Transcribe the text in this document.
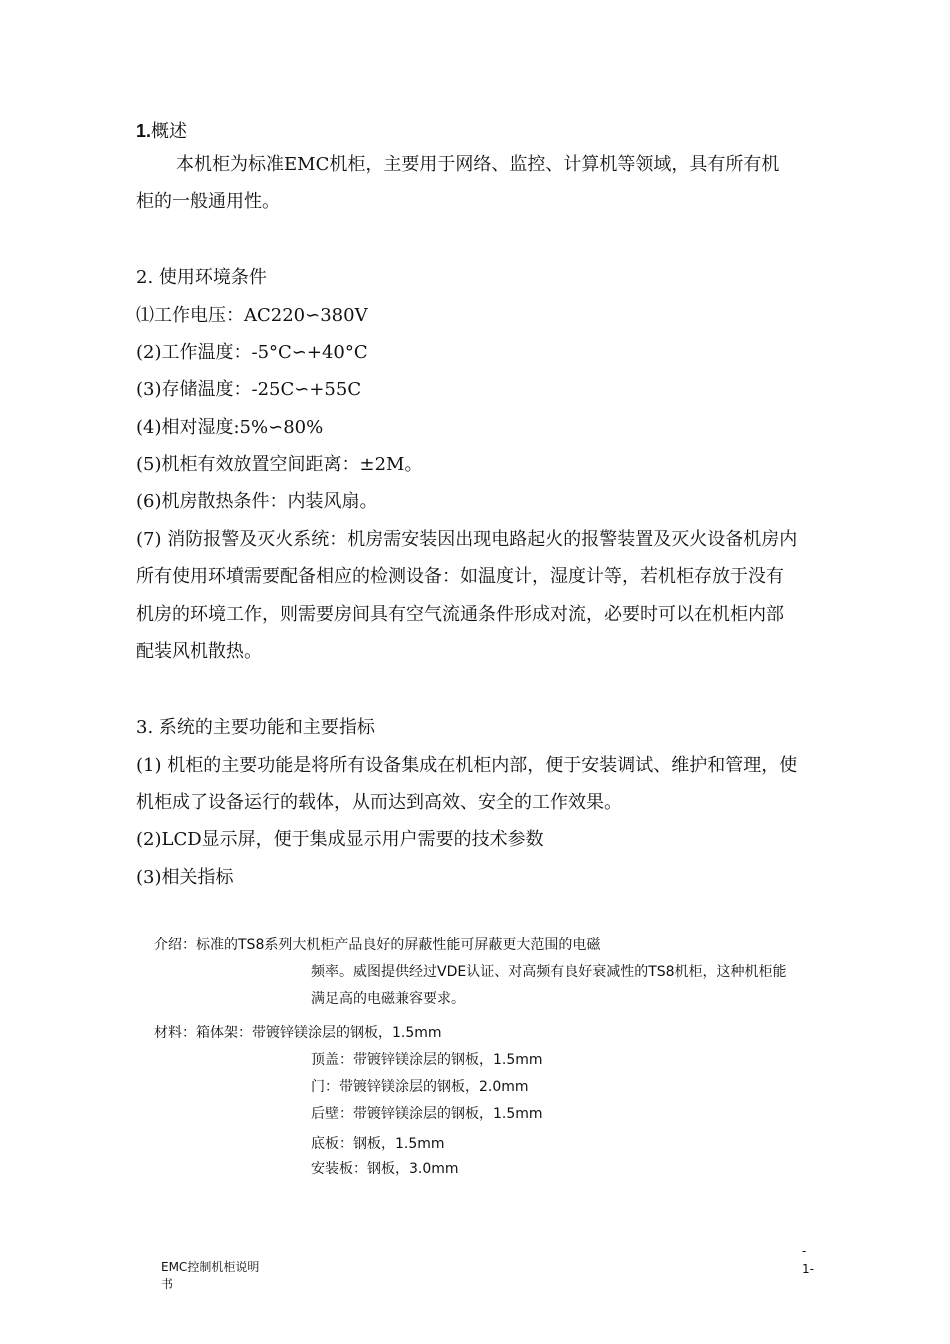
1.概述
本机柜为标准EMC机柜，主要用于网络、监控、计算机等领域，具有所有机
柜的一般通用性。
2. 使用环境条件
⑴工作电压：AC220∽380V
(2)工作温度：-5°C∽+40°C
(3)存储温度：-25C∽+55C
(4)相对湿度:5%∽80%
(5)机柜有效放置空间距离：±2M。
(6)机房散热条件：内装风扇。
(7) 消防报警及灭火系统：机房需安装因出现电路起火的报警装置及灭火设备机房内
所有使用环墳需要配备相应的检测设备：如温度计，湿度计等，若机柜存放于没有
机房的环境工作，则需要房间具有空气流通条件形成对流，必要时可以在机柜内部
配装风机散热。
3. 系统的主要功能和主要指标
(1) 机柜的主要功能是将所有设备集成在机柜内部，便于安装调试、维护和管理，使
机柜成了设备运行的载体，从而达到高效、安全的工作效果。
(2)LCD显示屏，便于集成显示用户需要的技术参数
(3)相关指标
介绍：标准的TS8系列大机柜产品良好的屏蔽性能可屏蔽更大范围的电磁
频率。威图提供经过VDE认证、对高频有良好衰减性的TS8机柜，这种机柜能
满足高的电磁兼容要求。
材料：箱体架：带镀锌镁涂层的钢板，1.5mm
顶盖：带镀锌镁涂层的钢板，1.5mm
门：带镀锌镁涂层的钢板，2.0mm
后壁：带镀锌镁涂层的钢板，1.5mm
底板：钢板，1.5mm
安装板：钢板，3.0mm
EMC控制机柜说明
书
-
1-
